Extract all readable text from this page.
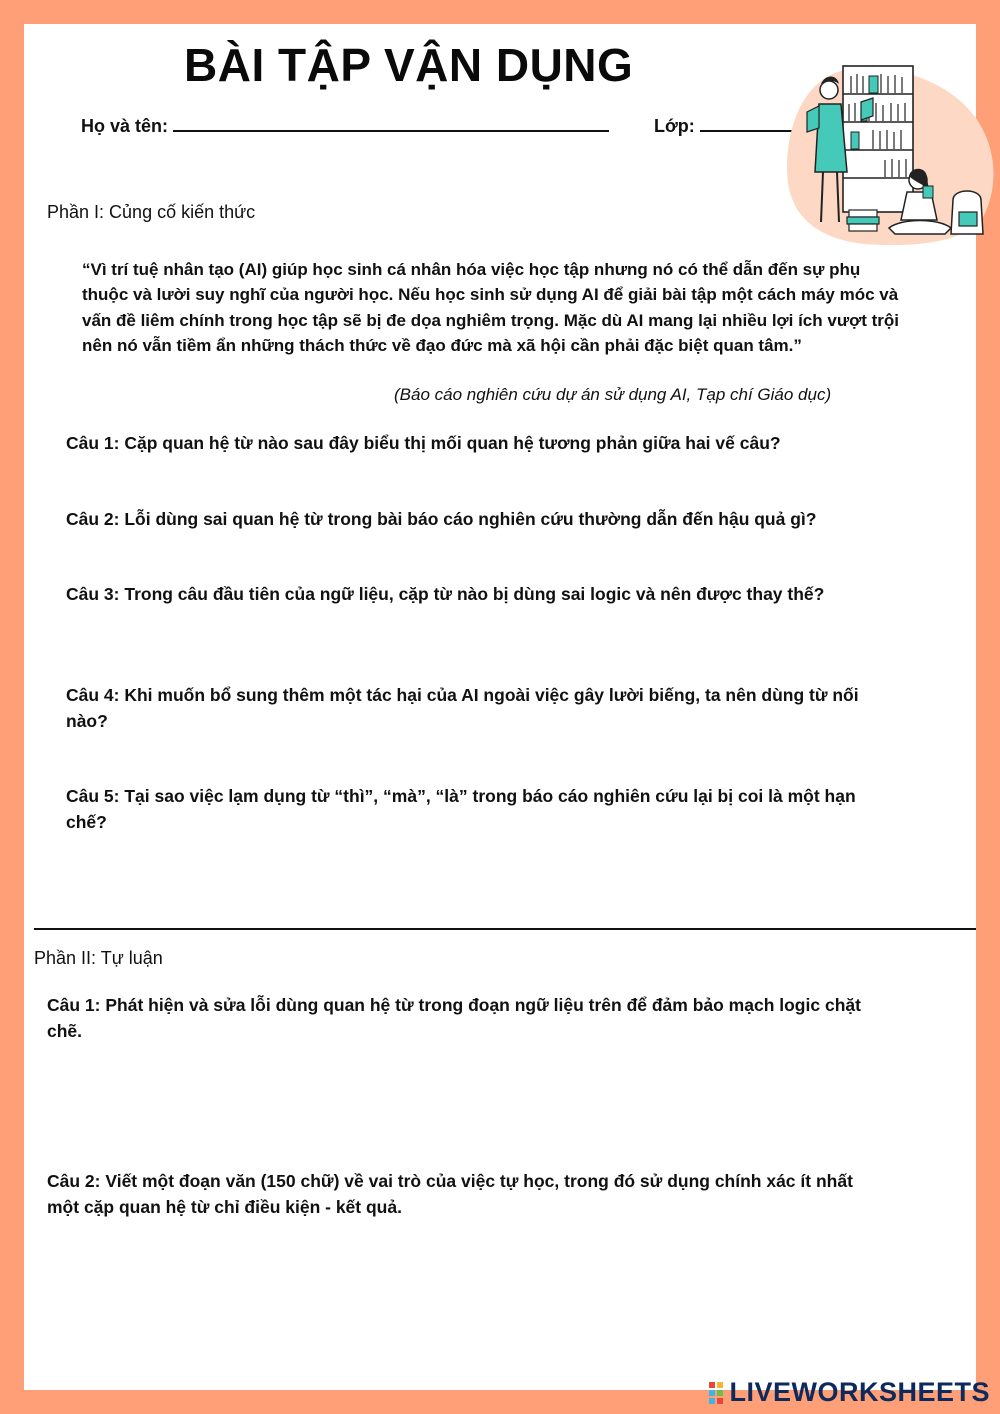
BÀI TẬP VẬN DỤNG
Họ và tên:	Lớp:
Phần I: Củng cố kiến thức

“Vì trí tuệ nhân tạo (AI) giúp học sinh cá nhân hóa việc học tập nhưng nó có thể dẫn đến sự phụ thuộc và lười suy nghĩ của người học. Nếu học sinh sử dụng AI để giải bài tập một cách máy móc và vấn đề liêm chính trong học tập sẽ bị đe dọa nghiêm trọng. Mặc dù AI mang lại nhiều lợi ích vượt trội nên nó vẫn tiềm ẩn những thách thức về đạo đức mà xã hội cần phải đặc biệt quan tâm.”

(Báo cáo nghiên cứu dự án sử dụng AI, Tạp chí Giáo dục)

Câu 1: Cặp quan hệ từ nào sau đây biểu thị mối quan hệ tương phản giữa hai vế câu?

Câu 2: Lỗi dùng sai quan hệ từ trong bài báo cáo nghiên cứu thường dẫn đến hậu quả gì?

Câu 3: Trong câu đầu tiên của ngữ liệu, cặp từ nào bị dùng sai logic và nên được thay thế?

Câu 4: Khi muốn bổ sung thêm một tác hại của AI ngoài việc gây lười biếng, ta nên dùng từ nối nào?

Câu 5: Tại sao việc lạm dụng từ “thì”, “mà”, “là” trong báo cáo nghiên cứu lại bị coi là một hạn chế?

Phần II: Tự luận

Câu 1: Phát hiện và sửa lỗi dùng quan hệ từ trong đoạn ngữ liệu trên để đảm bảo mạch logic chặt chẽ.

Câu 2: Viết một đoạn văn (150 chữ) về vai trò của việc tự học, trong đó sử dụng chính xác ít nhất một cặp quan hệ từ chỉ điều kiện - kết quả.

LIVEWORKSHEETS
